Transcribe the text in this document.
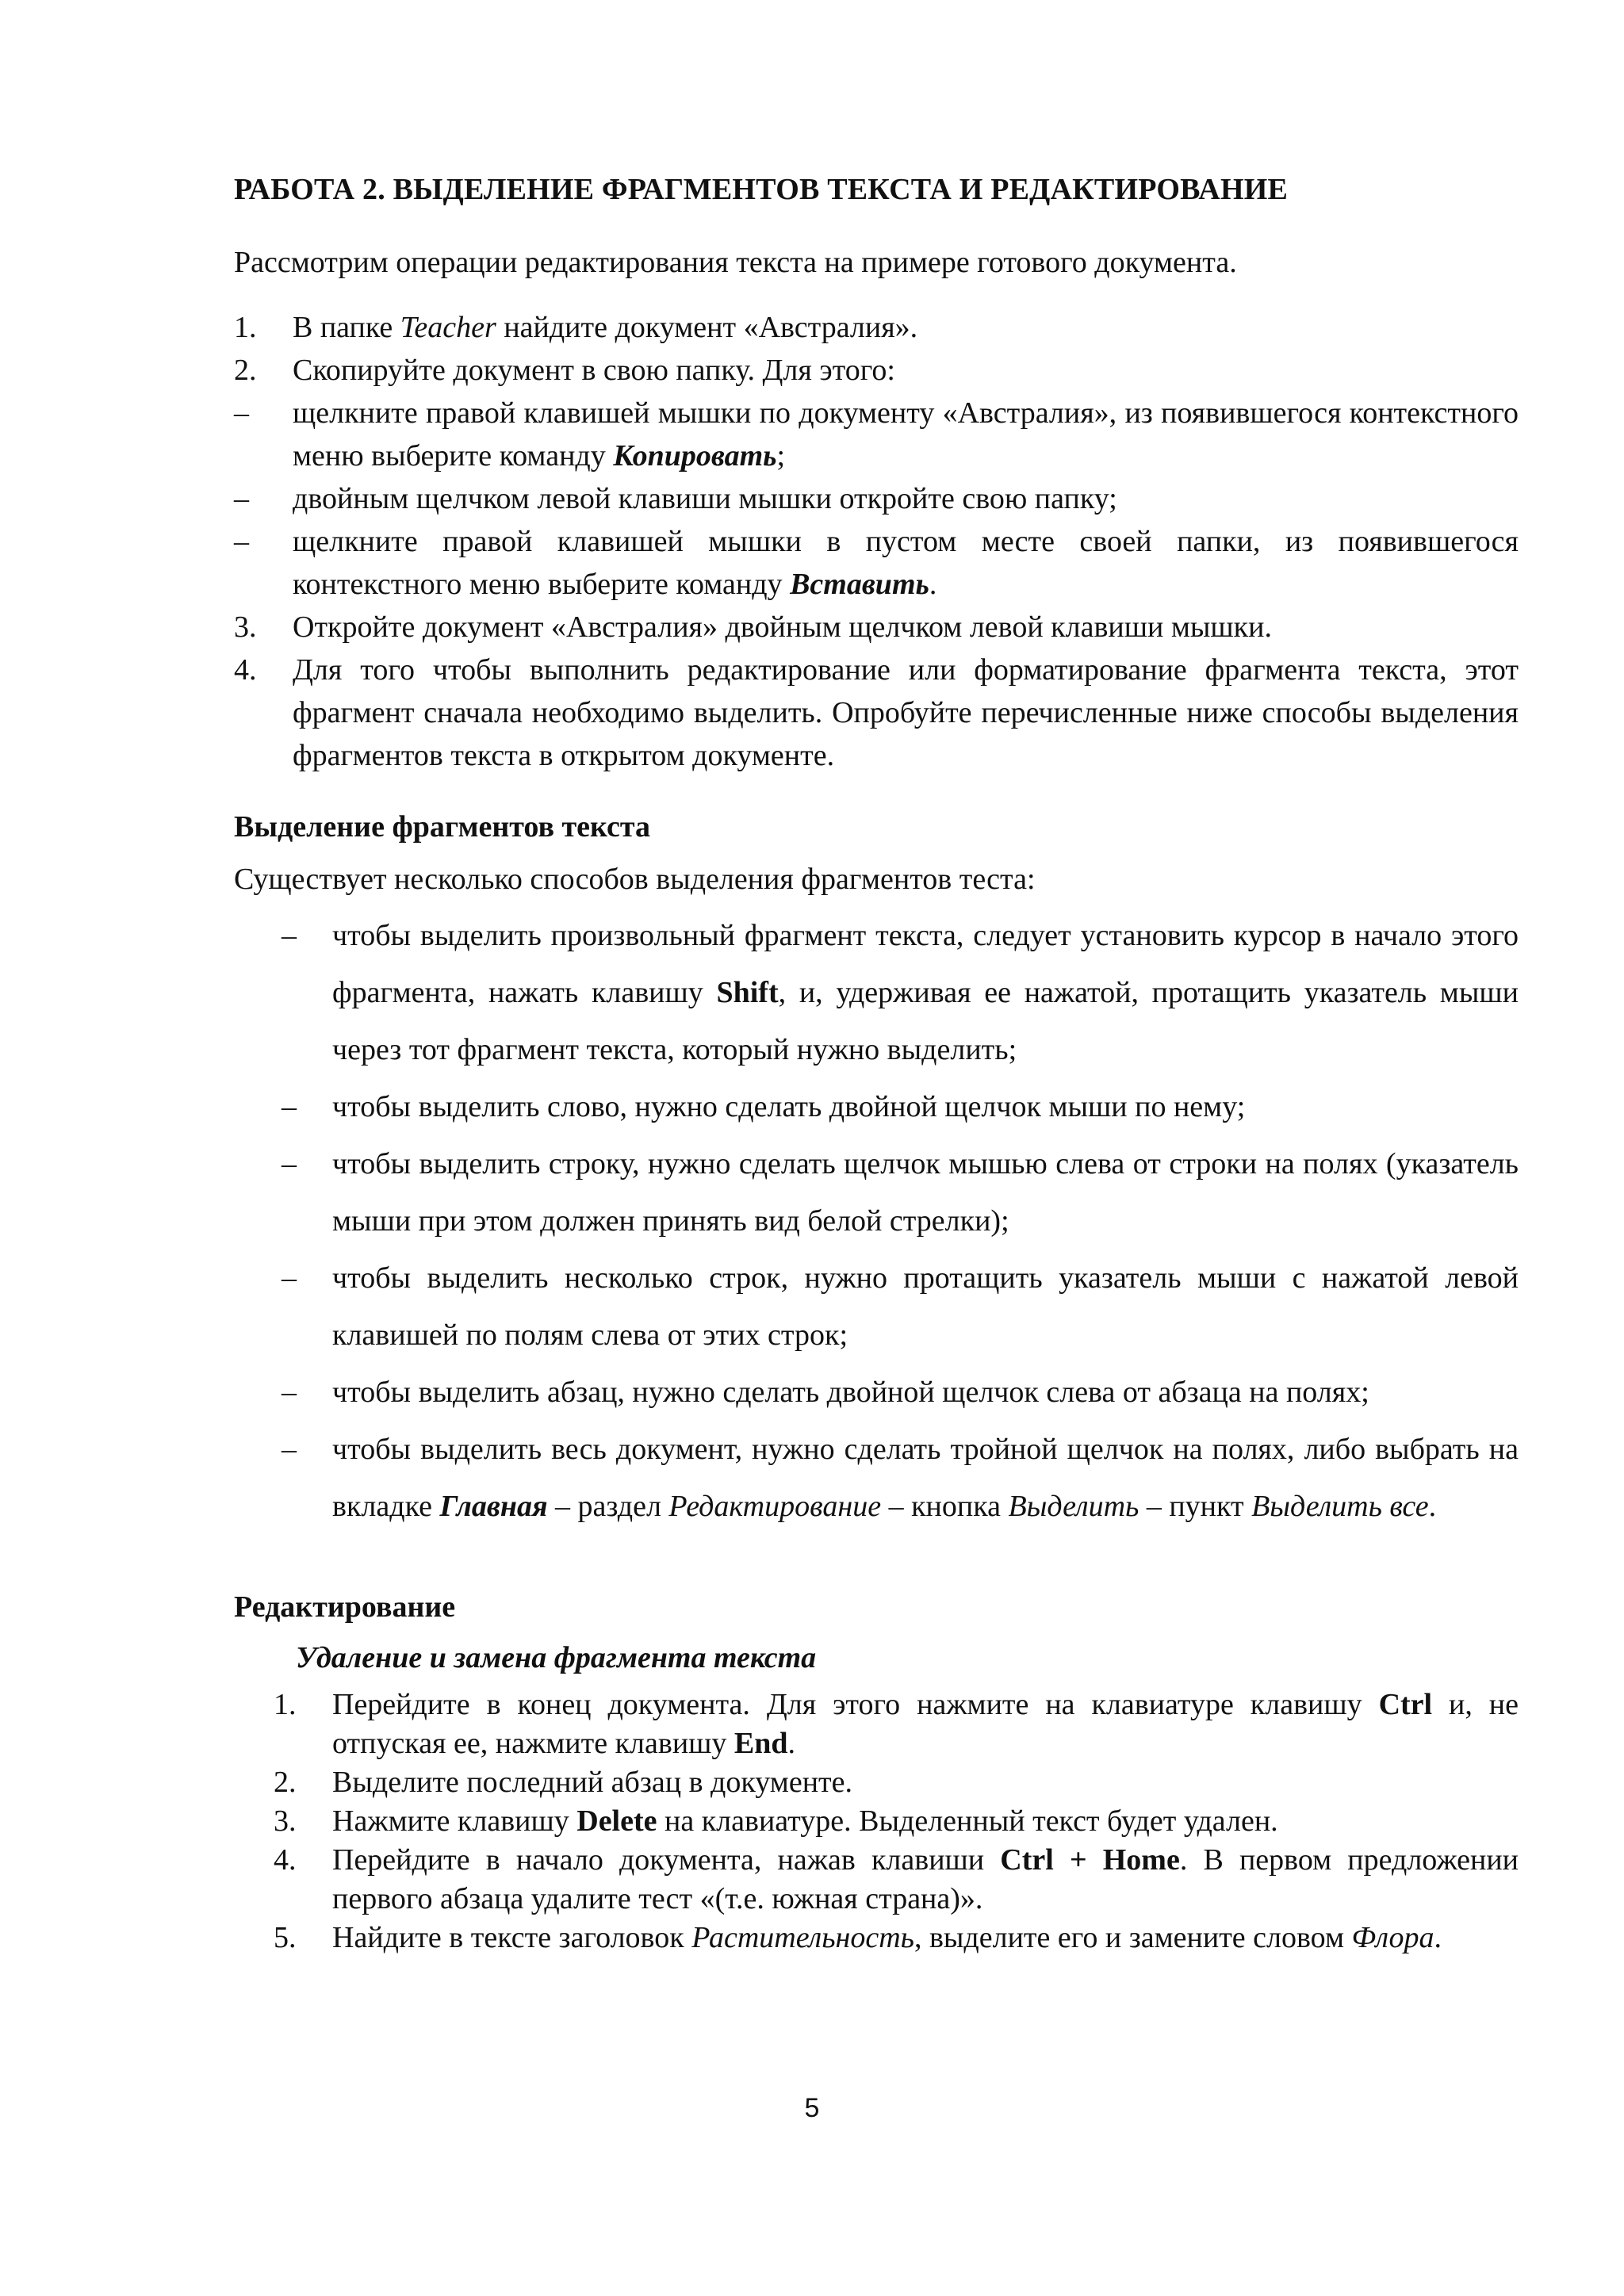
РАБОТА 2. ВЫДЕЛЕНИЕ ФРАГМЕНТОВ ТЕКСТА И РЕДАКТИРОВАНИЕ

Рассмотрим операции редактирования текста на примере готового документа.

1.	В папке Teacher найдите документ «Австралия».

2.	Скопируйте документ в свою папку. Для этого:

–	щелкните правой клавишей мышки по документу «Австралия», из появившегося контекстного меню выберите команду Копировать;

–	двойным щелчком левой клавиши мышки откройте свою папку;

–	щелкните правой клавишей мышки в пустом месте своей папки, из появившегося контекстного меню выберите команду Вставить.

3.	Откройте документ «Австралия» двойным щелчком левой клавиши мышки.

4.	Для того чтобы выполнить редактирование или форматирование фрагмента текста, этот фрагмент сначала необходимо выделить. Опробуйте перечисленные ниже способы выделения фрагментов текста в открытом документе.

Выделение фрагментов текста

Существует несколько способов выделения фрагментов теста:

–	чтобы выделить произвольный фрагмент текста, следует установить курсор в начало этого фрагмента, нажать клавишу Shift, и, удерживая ее нажатой, протащить указатель мыши через тот фрагмент текста, который нужно выделить;

–	чтобы выделить слово, нужно сделать двойной щелчок мыши по нему;

–	чтобы выделить строку, нужно сделать щелчок мышью слева от строки на полях (указатель мыши при этом должен принять вид белой стрелки);

–	чтобы выделить несколько строк, нужно протащить указатель мыши с нажатой левой клавишей по полям слева от этих строк;

–	чтобы выделить абзац, нужно сделать двойной щелчок слева от абзаца на полях;

–	чтобы выделить весь документ, нужно сделать тройной щелчок на полях, либо выбрать на вкладке Главная – раздел Редактирование – кнопка Выделить – пункт Выделить все.

Редактирование

Удаление и замена фрагмента текста

1.	Перейдите в конец документа. Для этого нажмите на клавиатуре клавишу Ctrl и, не отпуская ее, нажмите клавишу End.

2.	Выделите последний абзац в документе.

3.	Нажмите клавишу Delete на клавиатуре. Выделенный текст будет удален.

4.	Перейдите в начало документа, нажав клавиши Ctrl + Home. В первом предложении первого абзаца удалите тест «(т.е. южная страна)».

5.	Найдите в тексте заголовок Растительность, выделите его и замените словом Флора.

5
